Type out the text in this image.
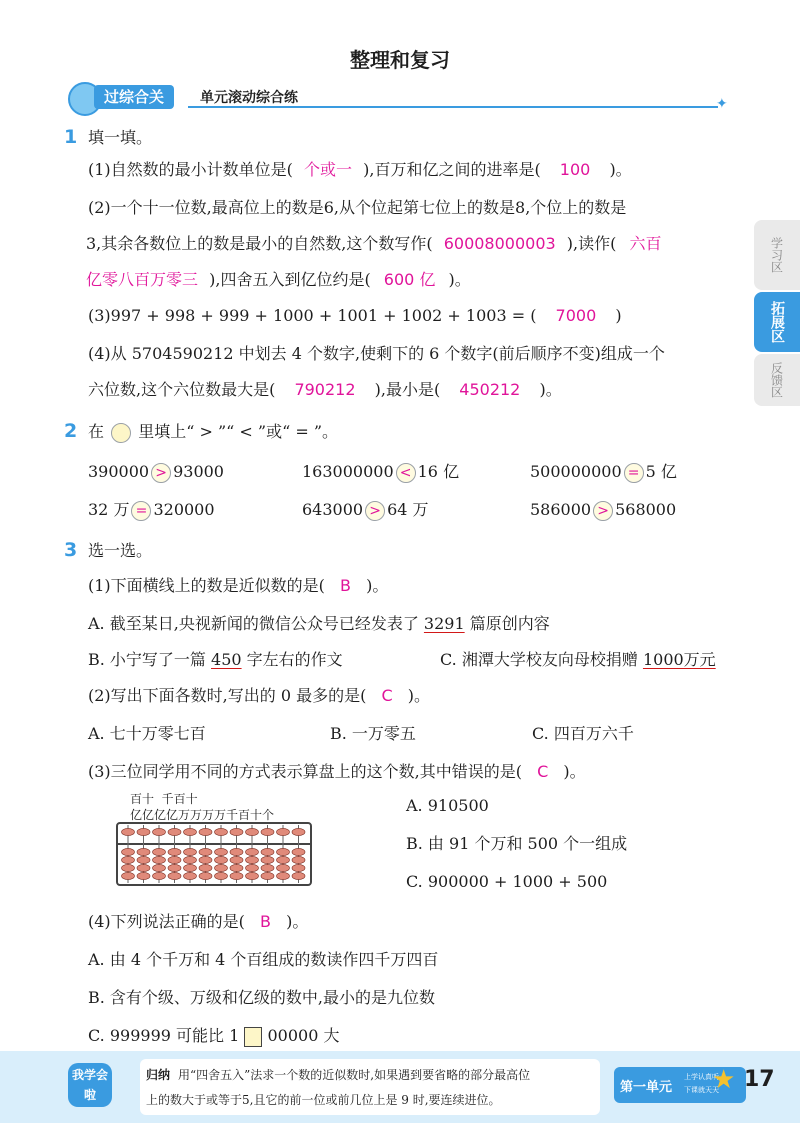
整理和复习
过综合关	单元滚动综合练	✦
学习区
拓展区
反馈区
1 填一填。
(1)自然数的最小计数单位是( 个或一 ),百万和亿之间的进率是( 100 )。
(2)一个十一位数,最高位上的数是6,从个位起第七位上的数是8,个位上的数是
3,其余各数位上的数是最小的自然数,这个数写作( 60008000003 ),读作( 六百
亿零八百万零三 ),四舍五入到亿位约是( 600 亿 )。
(3)997 + 998 + 999 + 1000 + 1001 + 1002 + 1003 = ( 7000 )
(4)从 5704590212 中划去 4 个数字,使剩下的 6 个数字(前后顺序不变)组成一个
六位数,这个六位数最大是( 790212 ),最小是( 450212 )。
2 在 里填上“ > ”“ < ”或“ = ”。
390000 > 93000	163000000 < 16 亿	500000000 = 5 亿
32 万 = 320000	643000 > 64 万	586000 > 568000
3 选一选。
(1)下面横线上的数是近似数的是( B )。
A. 截至某日,央视新闻的微信公众号已经发表了 3291 篇原创内容
B. 小宁写了一篇 450 字左右的作文	C. 湘潭大学校友向母校捐赠 1000万元
(2)写出下面各数时,写出的 0 最多的是( C )。
A. 七十万零七百	B. 一万零五	C. 四百万六千
(3)三位同学用不同的方式表示算盘上的这个数,其中错误的是( C )。
百十  千百十
亿亿亿亿万万万万千百十个	A. 910500
B. 由 91 个万和 500 个一组成
C. 900000 + 1000 + 500
(4)下列说法正确的是( B )。
A. 由 4 个千万和 4 个百组成的数读作四千万四百
B. 含有个级、万级和亿级的数中,最小的是九位数
C. 999999 可能比 1 00000 大
我学会啦
归纳 用“四舍五入”法求一个数的近似数时,如果遇到要省略的部分最高位
上的数大于或等于5,且它的前一位或前几位上是 9 时,要连续进位。
第一单元
上学认真听
下课就天天
★ 17
